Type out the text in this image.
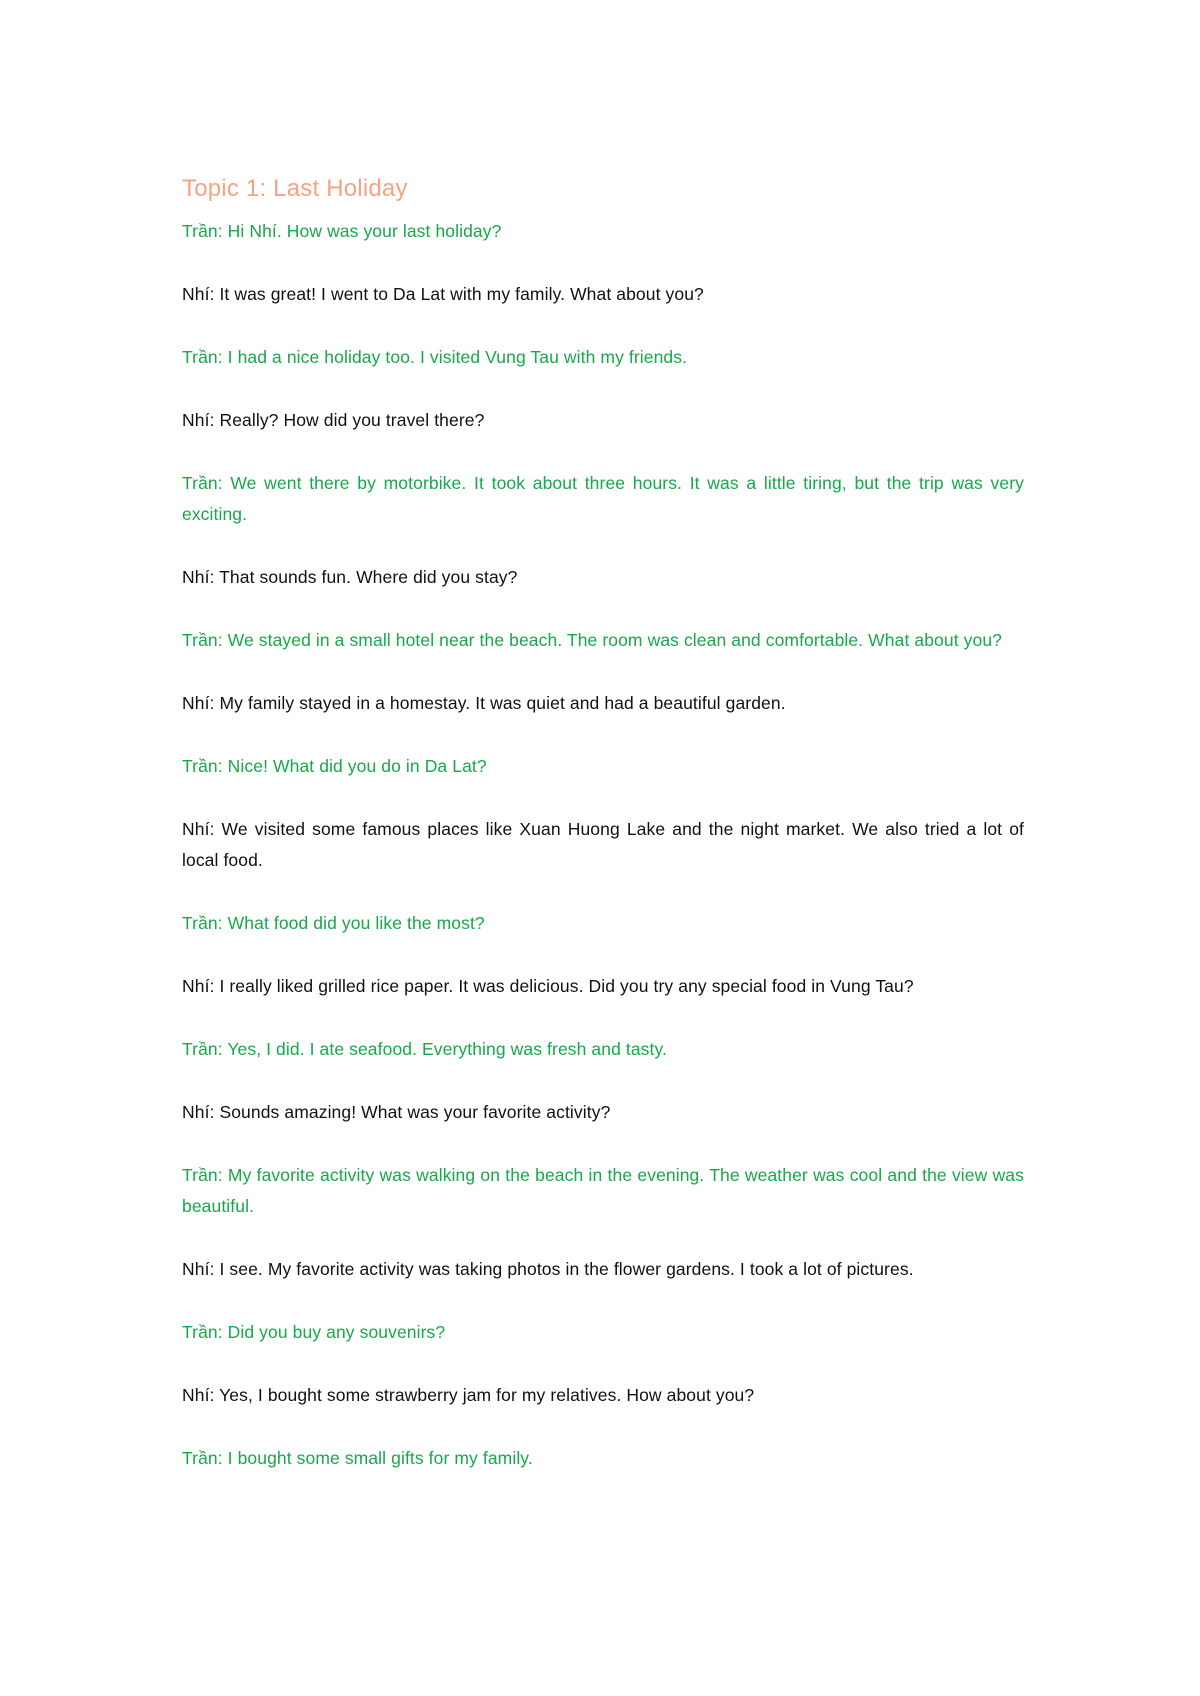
Topic 1: Last Holiday

Trần: Hi Nhí. How was your last holiday?

Nhí: It was great! I went to Da Lat with my family. What about you?

Trần: I had a nice holiday too. I visited Vung Tau with my friends.

Nhí: Really? How did you travel there?

Trần: We went there by motorbike. It took about three hours. It was a little tiring, but the trip was very exciting.

Nhí: That sounds fun. Where did you stay?

Trần: We stayed in a small hotel near the beach. The room was clean and comfortable. What about you?

Nhí: My family stayed in a homestay. It was quiet and had a beautiful garden.

Trần: Nice! What did you do in Da Lat?

Nhí: We visited some famous places like Xuan Huong Lake and the night market. We also tried a lot of local food.

Trần: What food did you like the most?

Nhí: I really liked grilled rice paper. It was delicious. Did you try any special food in Vung Tau?

Trần: Yes, I did. I ate seafood. Everything was fresh and tasty.

Nhí: Sounds amazing! What was your favorite activity?

Trần: My favorite activity was walking on the beach in the evening. The weather was cool and the view was beautiful.

Nhí: I see. My favorite activity was taking photos in the flower gardens. I took a lot of pictures.

Trần: Did you buy any souvenirs?

Nhí: Yes, I bought some strawberry jam for my relatives. How about you?

Trần: I bought some small gifts for my family.
